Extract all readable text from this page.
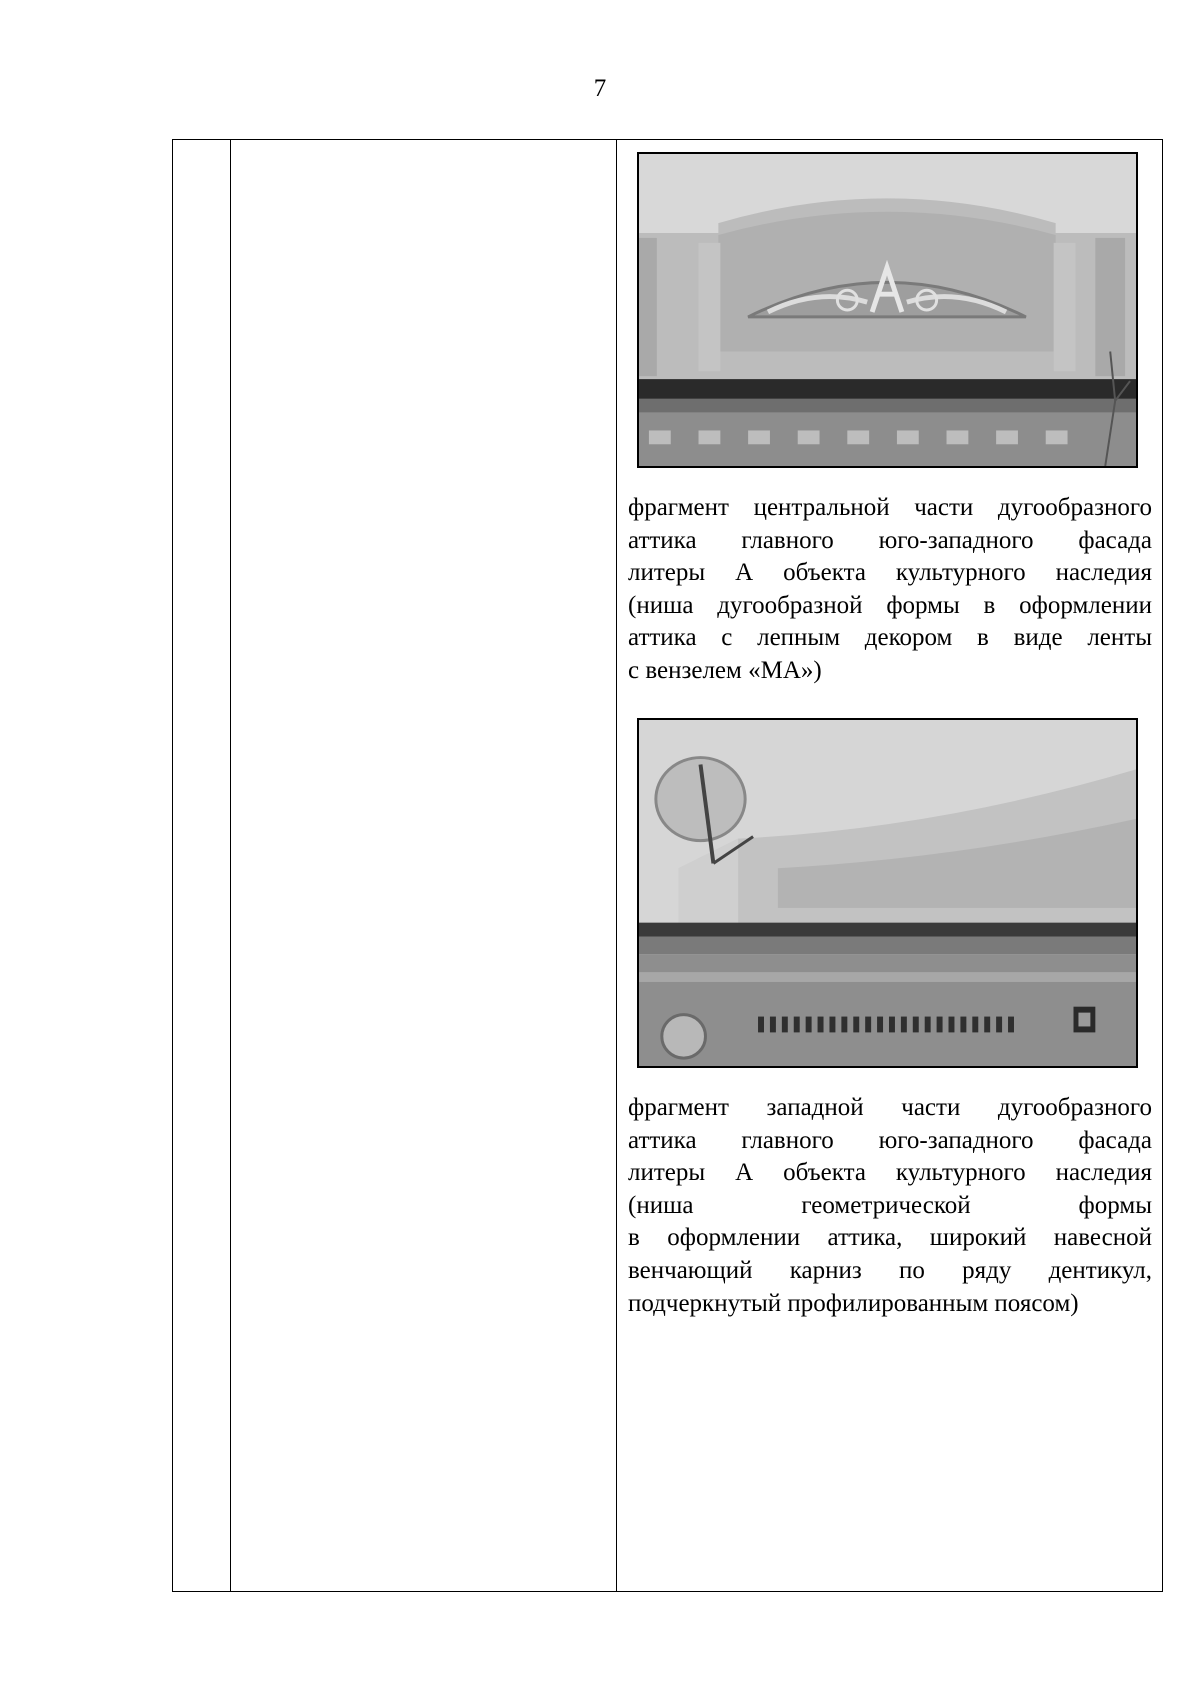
7
фрагмент центральной части дугообразного
аттика главного юго-западного фасада
литеры А объекта культурного наследия
(ниша дугообразной формы в оформлении
аттика с лепным декором в виде ленты
с вензелем «МА»)
фрагмент западной части дугообразного
аттика главного юго-западного фасада
литеры А объекта культурного наследия
(ниша геометрической формы
в оформлении аттика, широкий навесной
венчающий карниз по ряду дентикул,
подчеркнутый профилированным поясом)
